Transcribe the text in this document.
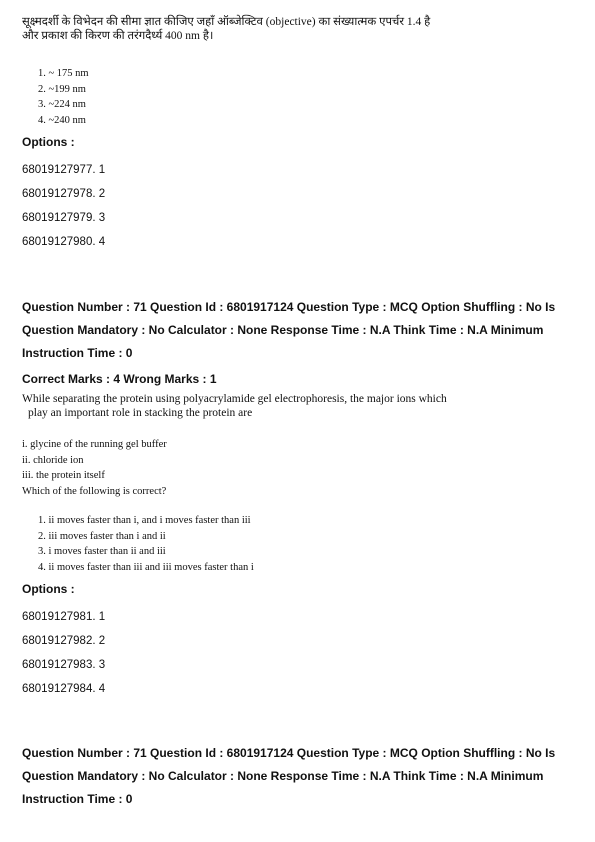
सूक्ष्मदर्शी के विभेदन की सीमा ज्ञात कीजिए जहाँ ऑब्जेक्टिव (objective) का संख्यात्मक एपर्चर 1.4 है
और प्रकाश की किरण की तरंगदैर्ध्य 400 nm है।
1. ~ 175 nm
2. ~199 nm
3. ~224 nm
4. ~240 nm
Options :
68019127977. 1
68019127978. 2
68019127979. 3
68019127980. 4
Question Number : 71 Question Id : 6801917124 Question Type : MCQ Option Shuffling : No Is
Question Mandatory : No Calculator : None Response Time : N.A Think Time : N.A Minimum
Instruction Time : 0
Correct Marks : 4 Wrong Marks : 1
While separating the protein using polyacrylamide gel electrophoresis, the major ions which
play an important role in stacking the protein are
i. glycine of the running gel buffer
ii. chloride ion
iii. the protein itself
Which of the following is correct?
1. ii moves faster than i, and i moves faster than iii
2. iii moves faster than i and ii
3. i moves faster than ii and iii
4. ii moves faster than iii and iii moves faster than i
Options :
68019127981. 1
68019127982. 2
68019127983. 3
68019127984. 4
Question Number : 71 Question Id : 6801917124 Question Type : MCQ Option Shuffling : No Is
Question Mandatory : No Calculator : None Response Time : N.A Think Time : N.A Minimum
Instruction Time : 0
